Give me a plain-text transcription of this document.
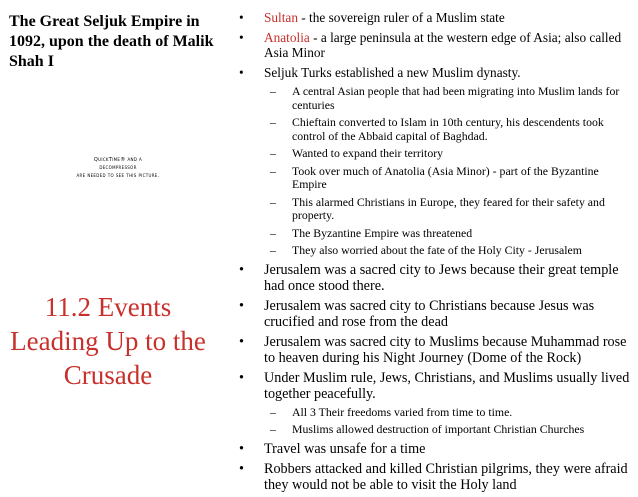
The Great Seljuk Empire in 1092, upon the death of Malik Shah I
QuickTime® and a
decompressor
are needed to see this picture.
11.2 Events Leading Up to the Crusade
• Sultan - the sovereign ruler of a Muslim state
• Anatolia - a large peninsula at the western edge of Asia; also called Asia Minor
• Seljuk Turks established a new Muslim dynasty.
– A central Asian people that had been migrating into Muslim lands for centuries
– Chieftain converted to Islam in 10th century, his descendents took control of the Abbaid capital of Baghdad.
– Wanted to expand their territory
– Took over much of Anatolia (Asia Minor) - part of the Byzantine Empire
– This alarmed Christians in Europe, they feared for their safety and property.
– The Byzantine Empire was threatened
– They also worried about the fate of the Holy City - Jerusalem
• Jerusalem was a sacred city to Jews because their great temple had once stood there.
• Jerusalem was sacred city to Christians because Jesus was crucified and rose from the dead
• Jerusalem was sacred city to Muslims because Muhammad rose to heaven during his Night Journey (Dome of the Rock)
• Under Muslim rule, Jews, Christians, and Muslims usually lived together peacefully.
– All 3 Their freedoms varied from time to time.
– Muslims allowed destruction of important Christian Churches
• Travel was unsafe for a time
• Robbers attacked and killed Christian pilgrims, they were afraid they would not be able to visit the Holy land
